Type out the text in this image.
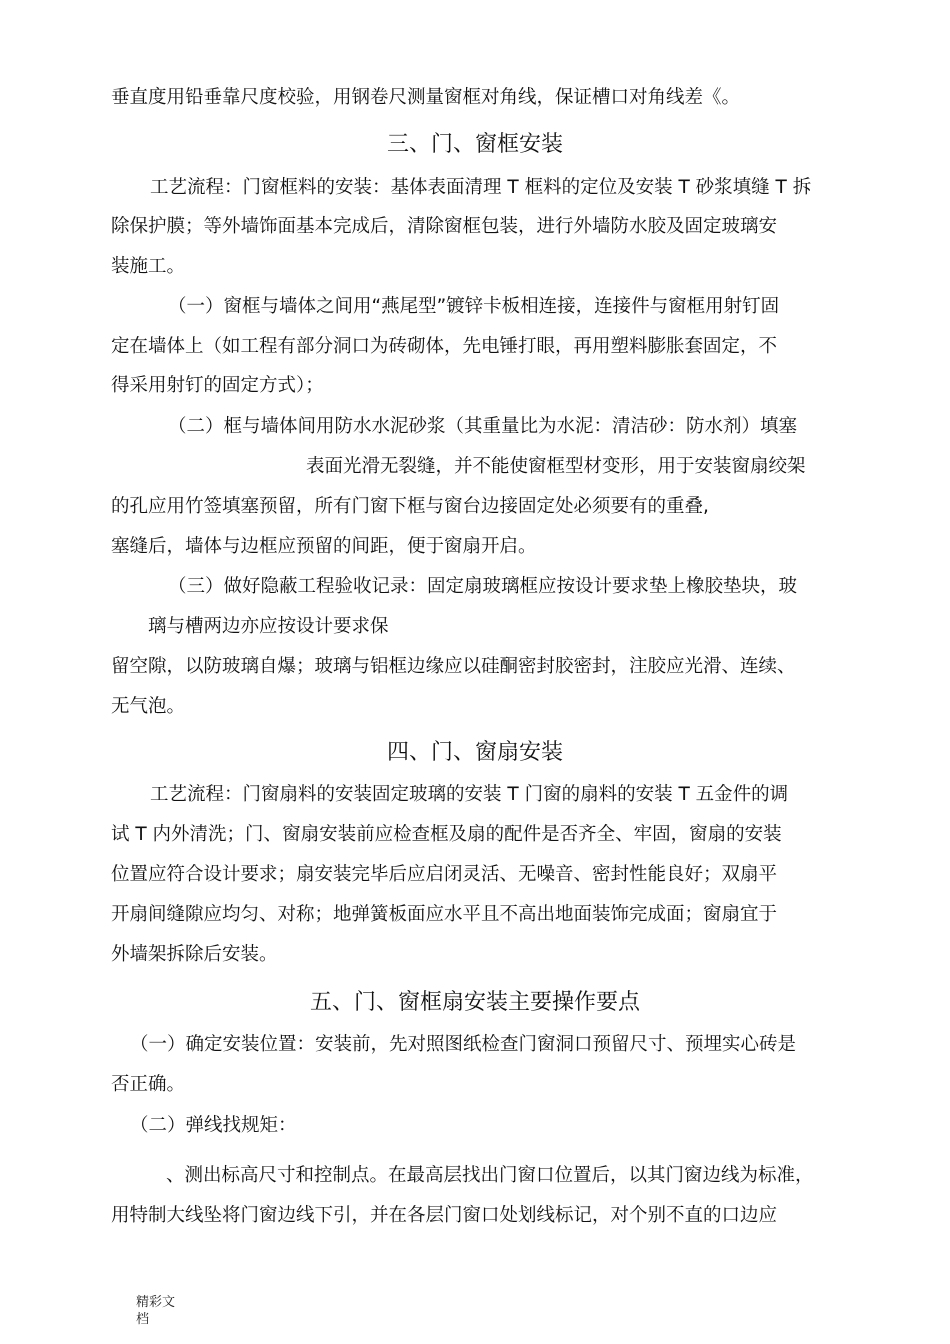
垂直度用铅垂靠尺度校验，用钢卷尺测量窗框对角线，保证槽口对角线差《。
三、门、窗框安装
工艺流程：门窗框料的安装：基体表面清理 T 框料的定位及安装 T 砂浆填缝 T 拆
除保护膜；等外墙饰面基本完成后，清除窗框包装，进行外墙防水胶及固定玻璃安
装施工。
（一）窗框与墙体之间用“燕尾型”镀锌卡板相连接，连接件与窗框用射钉固
定在墙体上（如工程有部分洞口为砖砌体，先电锤打眼，再用塑料膨胀套固定，不
得采用射钉的固定方式）；
（二）框与墙体间用防水水泥砂浆（其重量比为水泥：清洁砂：防水剂）填塞
表面光滑无裂缝，并不能使窗框型材变形，用于安装窗扇绞架
的孔应用竹签填塞预留，所有门窗下框与窗台边接固定处必须要有的重叠,
塞缝后，墙体与边框应预留的间距，便于窗扇开启。
（三）做好隐蔽工程验收记录：固定扇玻璃框应按设计要求垫上橡胶垫块，玻
璃与槽两边亦应按设计要求保
留空隙，以防玻璃自爆；玻璃与铝框边缘应以硅酮密封胶密封，注胶应光滑、连续、
无气泡。
四、门、窗扇安装
工艺流程：门窗扇料的安装固定玻璃的安装 T 门窗的扇料的安装 T 五金件的调
试 T 内外清洗；门、窗扇安装前应检查框及扇的配件是否齐全、牢固，窗扇的安装
位置应符合设计要求；扇安装完毕后应启闭灵活、无噪音、密封性能良好；双扇平
开扇间缝隙应均匀、对称；地弹簧板面应水平且不高出地面装饰完成面；窗扇宜于
外墙架拆除后安装。
五、门、窗框扇安装主要操作要点
（一）确定安装位置：安装前，先对照图纸检查门窗洞口预留尺寸、预埋实心砖是
否正确。
（二）弹线找规矩：
、测出标高尺寸和控制点。在最高层找出门窗口位置后，以其门窗边线为标准，
用特制大线坠将门窗边线下引，并在各层门窗口处划线标记，对个别不直的口边应
精彩文
档
